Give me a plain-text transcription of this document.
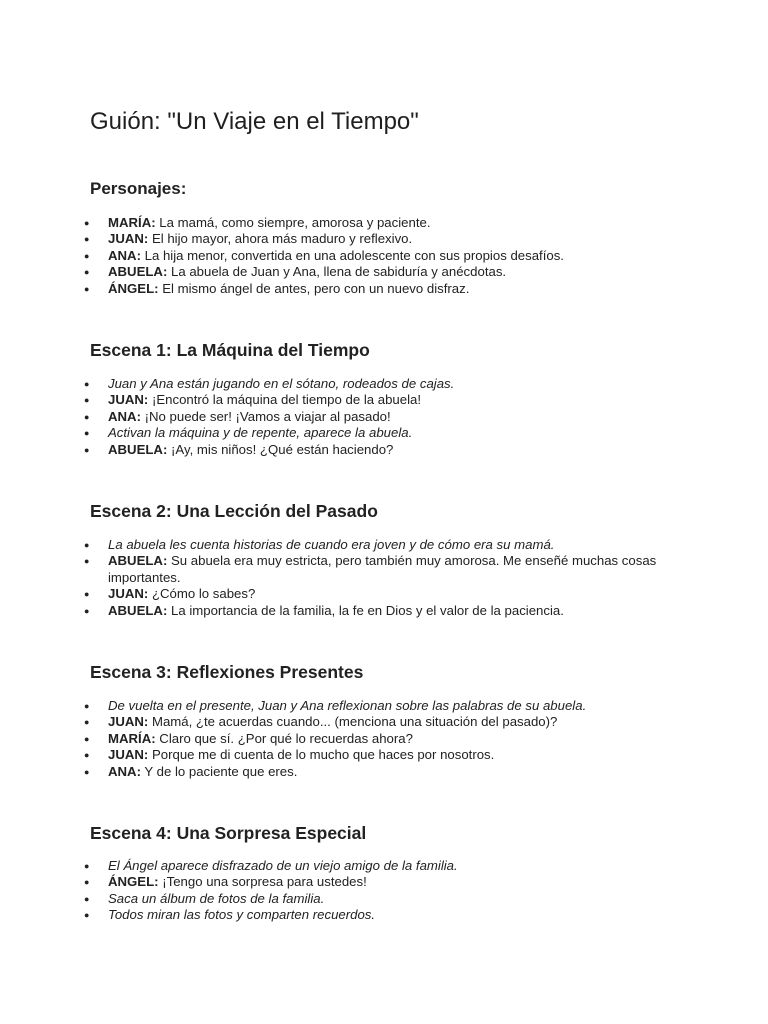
Guión: "Un Viaje en el Tiempo"
Personajes:
● MARÍA: La mamá, como siempre, amorosa y paciente.
● JUAN: El hijo mayor, ahora más maduro y reflexivo.
● ANA: La hija menor, convertida en una adolescente con sus propios desafíos.
● ABUELA: La abuela de Juan y Ana, llena de sabiduría y anécdotas.
● ÁNGEL: El mismo ángel de antes, pero con un nuevo disfraz.
Escena 1: La Máquina del Tiempo
● Juan y Ana están jugando en el sótano, rodeados de cajas.
● JUAN: ¡Encontró la máquina del tiempo de la abuela!
● ANA: ¡No puede ser! ¡Vamos a viajar al pasado!
● Activan la máquina y de repente, aparece la abuela.
● ABUELA: ¡Ay, mis niños! ¿Qué están haciendo?
Escena 2: Una Lección del Pasado
● La abuela les cuenta historias de cuando era joven y de cómo era su mamá.
● ABUELA: Su abuela era muy estricta, pero también muy amorosa. Me enseñé muchas cosas importantes.
● JUAN: ¿Cómo lo sabes?
● ABUELA: La importancia de la familia, la fe en Dios y el valor de la paciencia.
Escena 3: Reflexiones Presentes
● De vuelta en el presente, Juan y Ana reflexionan sobre las palabras de su abuela.
● JUAN: Mamá, ¿te acuerdas cuando... (menciona una situación del pasado)?
● MARÍA: Claro que sí. ¿Por qué lo recuerdas ahora?
● JUAN: Porque me di cuenta de lo mucho que haces por nosotros.
● ANA: Y de lo paciente que eres.
Escena 4: Una Sorpresa Especial
● El Ángel aparece disfrazado de un viejo amigo de la familia.
● ÁNGEL: ¡Tengo una sorpresa para ustedes!
● Saca un álbum de fotos de la familia.
● Todos miran las fotos y comparten recuerdos.
